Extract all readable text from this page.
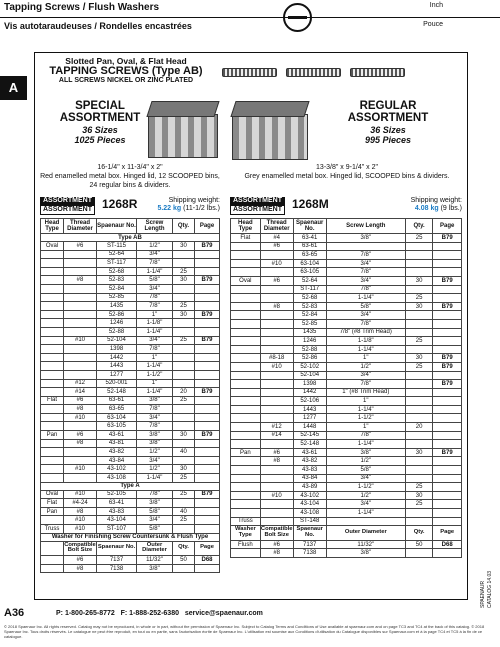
Tapping Screws / Flush Washers
Vis autotaraudeuses / Rondelles encastrées
Inch
Pouce
A
Slotted Pan, Oval, & Flat Head
TAPPING SCREWS (Type AB)
ALL SCREWS NICKEL OR ZINC PLATED
SPECIAL
ASSORTMENT
36 Sizes
1025 Pieces
16-1/4" x 11-3/4" x 2"
Red enamelled metal box. Hinged lid, 12 SCOOPED bins, 24 regular bins & dividers.
ASSORTMENT
ASSORTMENT 1268R	Shipping weight:
5.22 kg (11-1/2 lbs.)
Head Type	Thread Diameter	Spaenaur No.	Screw Length	Qty.	Page
Type AB					
Oval	#6	ST-115	1/2"	30	B79
		52-64	3/4"		
		ST-117	7/8"		
		52-68	1-1/4"	25	
	#8	52-83	5/8"	30	B79
		52-84	3/4"		
		52-85	7/8"		
		1435	7/8"	25	
		52-86	1"	30	B79
		1246	1-1/8"		
		52-88	1-1/4"		
	#10	52-104	3/4"	25	B79
		1398	7/8"		
		1442	1"		
		1443	1-1/4"		
		1277	1-1/2"		
	#12	520-001	1"		
	#14	52-148	1-1/4"	20	B79
Flat	#6	63-61	3/8"	25	
	#8	63-65	7/8"		
	#10	63-104	3/4"		
		63-105	7/8"		
Pan	#6	43-61	3/8"	30	B79
	#8	43-81	3/8"		
		43-82	1/2"	40	
		43-84	3/4"		
	#10	43-102	1/2"	30	
		43-108	1-1/4"	25	
Type A					
Oval	#10	52-105	7/8"	25	B79
Flat	#4-24	63-41	3/8"		
Pan	#8	43-83	5/8"	40	
	#10	43-104	3/4"	25	
Truss	#10	ST-107	5/8"		
Washer for Finishing Screw Countersunk & Flush Type					
	Compatible Bolt Size	Spaenaur No.	Outer Diameter	Qty.	Page
	#6	7137	11/32"	50	D68
	#8	7138	3/8"		
REGULAR
ASSORTMENT
36 Sizes
995 Pieces
13-3/8" x 9-1/4" x 2"
Grey enamelled metal box. Hinged lid, SCOOPED bins & dividers.
ASSORTMENT
ASSORTMENT 1268M	Shipping weight:
4.08 kg (9 lbs.)
Head Type	Thread Diameter	Spaenaur No.	Screw Length	Qty.	Page
Flat	#4	63-41	3/8"	25	B79
	#6	63-61			
		63-65	7/8"		
	#10	63-104	3/4"		
		63-105	7/8"		
Oval	#6	52-64	3/4"	30	B79
		ST-117	7/8"		
		52-68	1-1/4"	25	
	#8	52-83	5/8"	30	B79
		52-84	3/4"		
		52-85	7/8"		
		1435	7/8" (#8 Trim Head)		
		1246	1-1/8"	25	
		52-88	1-1/4"		
	#8-18	52-86	1"	30	B79
	#10	52-102	1/2"	25	B79
		52-104	3/4"		
		1398	7/8"		B79
		1442	1" (#8 Trim Head)		
		52-106	1"		
		1443	1-1/4"		
		1277	1-1/2"		
	#12	1448	1"	20	
	#14	52-145	7/8"		
		52-148	1-1/4"		
Pan	#6	43-61	3/8"	30	B79
	#8	43-82	1/2"		
		43-83	5/8"		
		43-84	3/4"		
		43-89	1-1/2"	25	
	#10	43-102	1/2"	30	
		43-104	3/4"	25	
		43-108	1-1/4"		
Truss		ST-148			
Washer Type	Compatible Bolt Size	Spaenaur No.	Outer Diameter	Qty.	Page
Flush	#6	7137	11/32"	50	D68
	#8	7138	3/8"		
SPAENAUR CATALOG 14.03
A36	P: 1-800-265-8772 F: 1-888-252-6380 service@spaenaur.com
© 2018 Spaenaur Inc. All rights reserved. Catalog may not be reproduced, in whole or in part, without the permission of Spaenaur Inc. Subject to Catalog Terms and Conditions of Use available at spaenaur.com and on page TC3 and TC4 at the back of this catalog. © 2018 Spaenaur Inc. Tous droits réservés. Le catalogue ne peut être reproduit, en tout ou en partie, sans l'autorisation écrite de Spaenaur Inc. L'utilisation est soumise aux Conditions d'utilisation du Catalogue disponibles sur Spaenaur.com et à la page TC4 et TC5 à la fin de ce catalogue.
